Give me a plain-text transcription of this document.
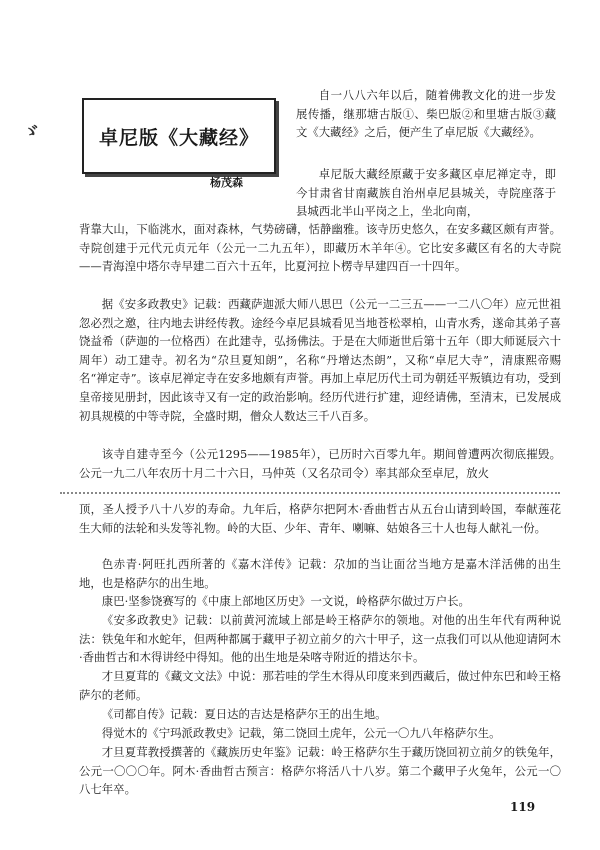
ゞ	卓尼版《大藏经》
杨茂森

自一八八六年以后，随着佛教文化的进一步发展传播，继那塘古版①、柴巴版②和里塘古版③藏文《大藏经》之后，便产生了卓尼版《大藏经》。

卓尼版大藏经原藏于安多藏区卓尼禅定寺，即今甘肃省甘南藏族自治州卓尼县城关，寺院座落于县城西北半山平岗之上，坐北向南，

背靠大山，下临洮水，面对森林，气势磅礴，恬静幽雅。该寺历史悠久，在安多藏区颇有声誉。寺院创建于元代元贞元年（公元一二九五年），即藏历木羊年④。它比安多藏区有名的大寺院——青海湟中塔尔寺早建二百六十五年，比夏河拉卜楞寺早建四百一十四年。

据《安多政教史》记载：西藏萨迦派大师八思巴（公元一二三五——一二八〇年）应元世祖忽必烈之邀，往内地去讲经传教。途经今卓尼县城看见当地苍松翠柏，山青水秀，遂命其弟子喜饶益希（萨迦的一位格西）在此建寺，弘扬佛法。于是在大师逝世后第十五年（即大师诞辰六十周年）动工建寺。初名为“尕旦夏知朗”，名称“丹增达杰朗”，又称“卓尼大寺”，清康熙帝赐名“禅定寺”。该卓尼禅定寺在安多地颇有声誉。再加上卓尼历代土司为朝廷平叛镇边有功，受到皇帝接见册封，因此该寺又有一定的政治影响。经历代进行扩建，迎经请佛，至清末，已发展成初具规模的中等寺院，全盛时期，僧众人数达三千八百多。

该寺自建寺至今（公元1295——1985年），已历时六百零九年。期间曾遭两次彻底摧毁。公元一九二八年农历十月二十六日，马仲英（又名尕司令）率其部众至卓尼，放火

顶，圣人授予八十八岁的寿命。九年后，格萨尔把阿木·香曲哲古从五台山请到岭国，奉献莲花生大师的法轮和头发等礼物。岭的大臣、少年、青年、喇嘛、姑娘各三十人也每人献礼一份。

色赤青·阿旺扎西所著的《嘉木洋传》记载：尕加的当让面岔当地方是嘉木洋活佛的出生地，也是格萨尔的出生地。

康巴·坚参饶赛写的《中康上部地区历史》一文说，岭格萨尔做过万户长。

《安多政教史》记载：以前黄河流域上部是岭王格萨尔的领地。对他的出生年代有两种说法：铁兔年和水蛇年，但两种都属于藏甲子初立前夕的六十甲子，这一点我们可以从他迎请阿木·香曲哲古和木得讲经中得知。他的出生地是朵喀寺附近的措达尔卡。

才旦夏茸的《藏文文法》中说：那若哇的学生木得从印度来到西藏后，做过仲东巴和岭王格萨尔的老师。

《司都自传》记载：夏日达的吉达是格萨尔王的出生地。

得觉木的《宁玛派政教史》记载，第二饶回土虎年，公元一〇九八年格萨尔生。

才旦夏茸教授撰著的《藏族历史年鉴》记载：岭王格萨尔生于藏历饶回初立前夕的铁兔年，公元一〇〇〇年。阿木·香曲哲古预言：格萨尔将活八十八岁。第二个藏甲子火兔年，公元一〇八七年卒。

119
